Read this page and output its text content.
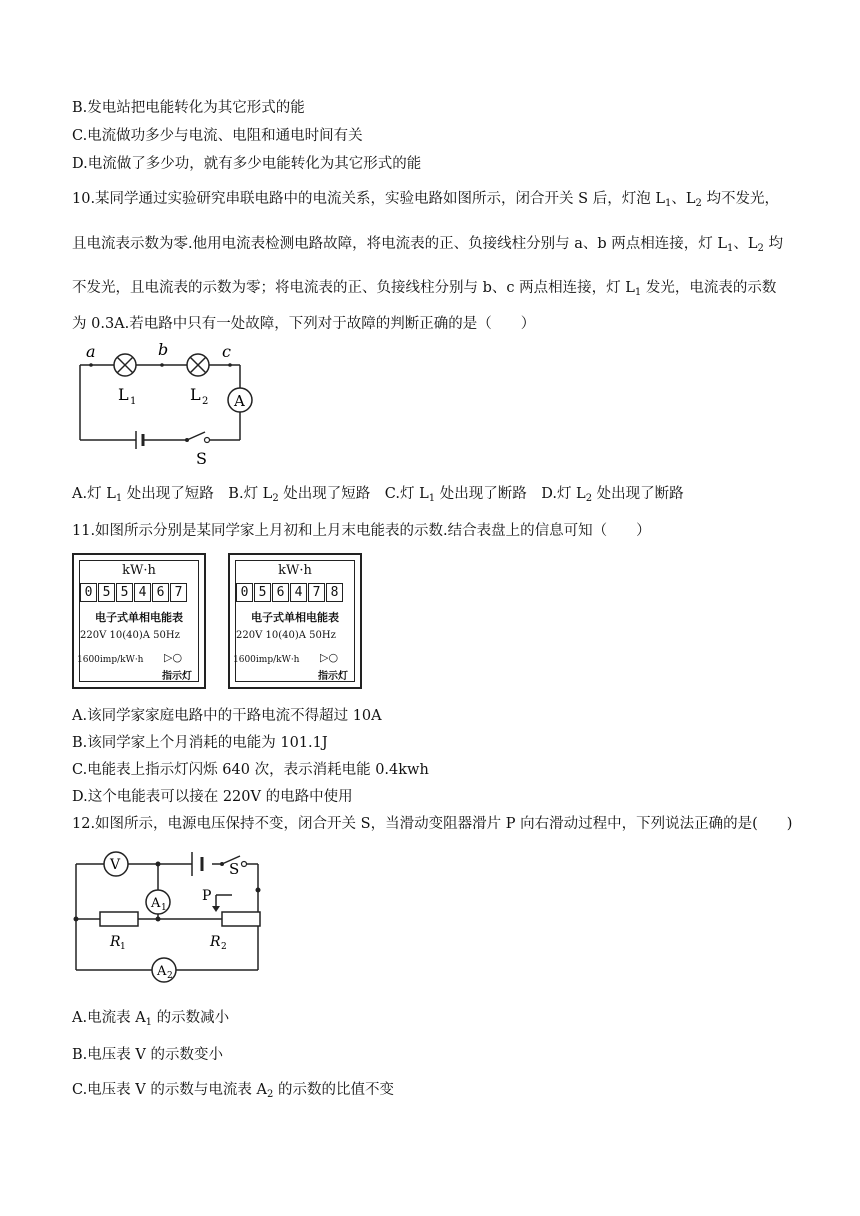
B.发电站把电能转化为其它形式的能
C.电流做功多少与电流、电阻和通电时间有关
D.电流做了多少功，就有多少电能转化为其它形式的能
10.某同学通过实验研究串联电路中的电流关系，实验电路如图所示，闭合开关 S 后，灯泡 $L_1$、$L_2$ 均不发光，
且电流表示数为零.他用电流表检测电路故障，将电流表的正、负接线柱分别与 a、b 两点相连接，灯 $L_1$、$L_2$ 均
不发光，且电流表的示数为零；将电流表的正、负接线柱分别与 b、c 两点相连接，灯 $L_1$ 发光，电流表的示数
为 0.3A.若电路中只有一处故障，下列对于故障的判断正确的是（　　）
a	b	c
L 1	L 2 A
S
A.灯 $L_1$ 处出现了短路　B.灯 $L_2$ 处出现了短路　C.灯 $L_1$ 处出现了断路　D.灯 $L_2$ 处出现了断路
11.如图所示分别是某同学家上月初和上月末电能表的示数.结合表盘上的信息可知（　　）
kW·h
0 5 5 4 6 7
电子式单相电能表
220V 10(40)A 50Hz
1600imp/kW·h ▷○
指示灯
kW·h
0 5 6 4 7 8
电子式单相电能表
220V 10(40)A 50Hz
1600imp/kW·h ▷○
指示灯
A.该同学家家庭电路中的干路电流不得超过 10A
B.该同学家上个月消耗的电能为 101.1J
C.电能表上指示灯闪烁 640 次，表示消耗电能 0.4kwh
D.这个电能表可以接在 220V 的电路中使用
12.如图所示，电源电压保持不变，闭合开关 S，当滑动变阻器滑片 P 向右滑动过程中，下列说法正确的是(　　)
V
A 1
A 2
S
P
R 1	R 2
A.电流表 $A_1$ 的示数减小
B.电压表 V 的示数变小
C.电压表 V 的示数与电流表 $A_2$ 的示数的比值不变
